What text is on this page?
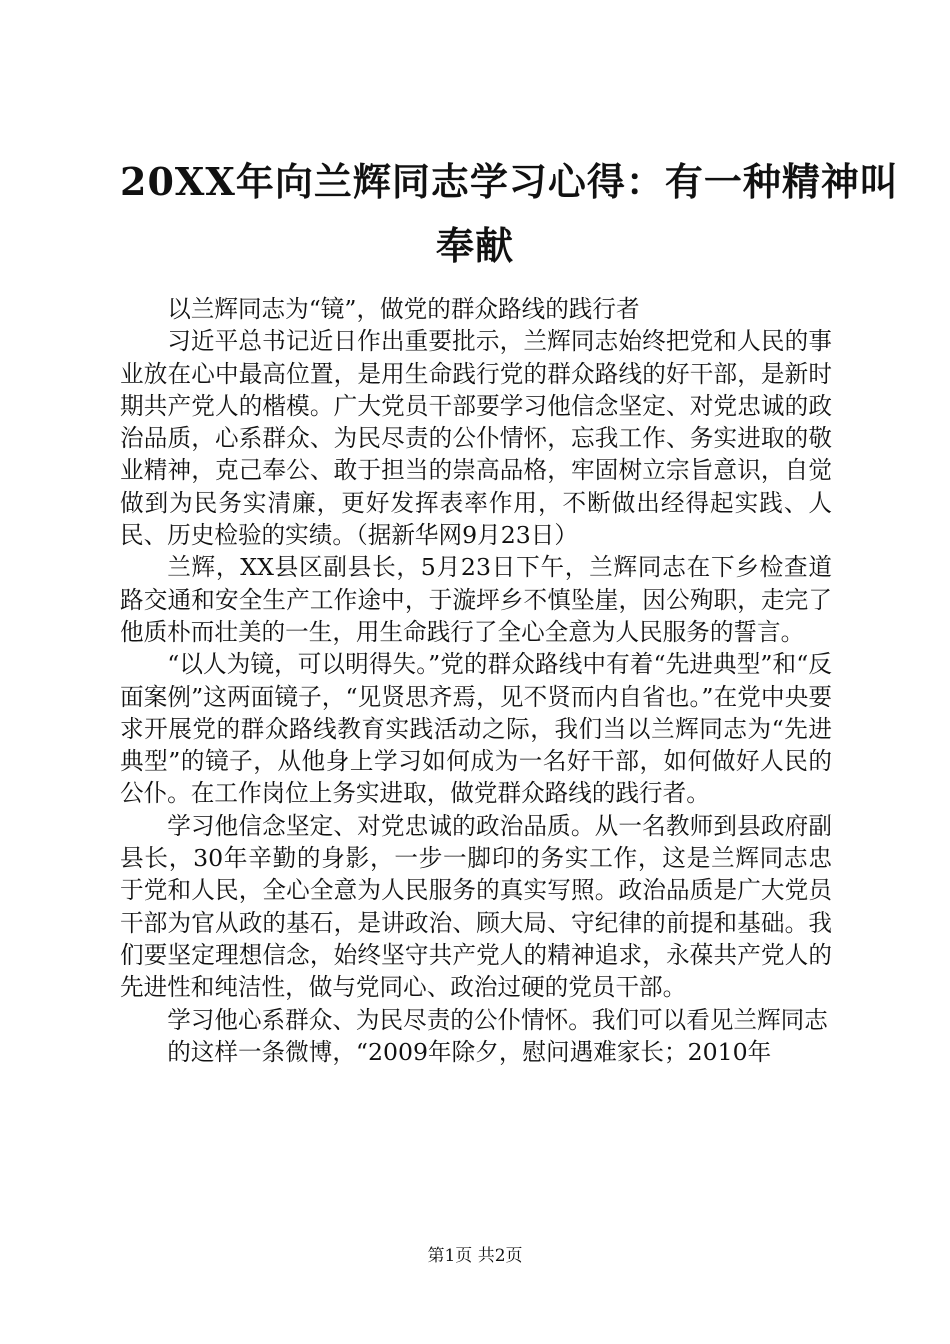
20XX年向兰辉同志学习心得：有一种精神叫
奉献

以兰辉同志为“镜”，做党的群众路线的践行者

习近平总书记近日作出重要批示，兰辉同志始终把党和人民的事业放在心中最高位置，是用生命践行党的群众路线的好干部，是新时期共产党人的楷模。广大党员干部要学习他信念坚定、对党忠诚的政治品质，心系群众、为民尽责的公仆情怀，忘我工作、务实进取的敬业精神，克己奉公、敢于担当的崇高品格，牢固树立宗旨意识，自觉做到为民务实清廉，更好发挥表率作用，不断做出经得起实践、人民、历史检验的实绩。（据新华网9月23日）

兰辉，XX县区副县长，5月23日下午，兰辉同志在下乡检查道路交通和安全生产工作途中，于漩坪乡不慎坠崖，因公殉职，走完了他质朴而壮美的一生，用生命践行了全心全意为人民服务的誓言。

“以人为镜，可以明得失。”党的群众路线中有着“先进典型”和“反面案例”这两面镜子，“见贤思齐焉，见不贤而内自省也。”在党中央要求开展党的群众路线教育实践活动之际，我们当以兰辉同志为“先进典型”的镜子，从他身上学习如何成为一名好干部，如何做好人民的公仆。在工作岗位上务实进取，做党群众路线的践行者。

学习他信念坚定、对党忠诚的政治品质。从一名教师到县政府副县长，30年辛勤的身影，一步一脚印的务实工作，这是兰辉同志忠于党和人民，全心全意为人民服务的真实写照。政治品质是广大党员干部为官从政的基石，是讲政治、顾大局、守纪律的前提和基础。我们要坚定理想信念，始终坚守共产党人的精神追求，永葆共产党人的先进性和纯洁性，做与党同心、政治过硬的党员干部。

学习他心系群众、为民尽责的公仆情怀。我们可以看见兰辉同志

的这样一条微博，“2009年除夕，慰问遇难家长；2010年

第1页 共2页
